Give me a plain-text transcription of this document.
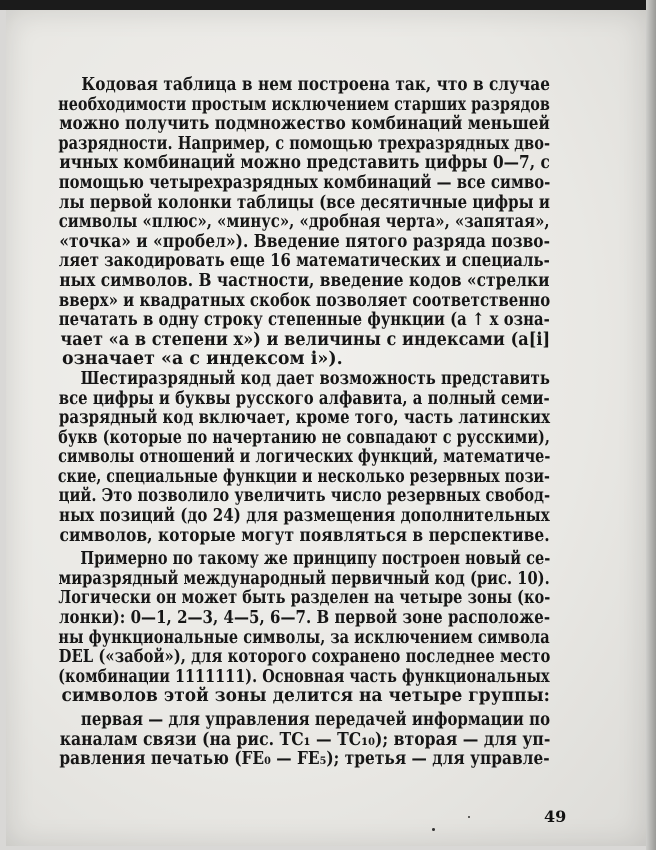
Кодовая таблица в нем построена так, что в случае
необходимости простым исключением старших разрядов
можно получить подмножество комбинаций меньшей
разрядности. Например, с помощью трехразрядных дво-
ичных комбинаций можно представить цифры 0—7, с
помощью четырехразрядных комбинаций — все симво-
лы первой колонки таблицы (все десятичные цифры и
символы «плюс», «минус», «дробная черта», «запятая»,
«точка» и «пробел»). Введение пятого разряда позво-
ляет закодировать еще 16 математических и специаль-
ных символов. В частности, введение кодов «стрелки
вверх» и квадратных скобок позволяет соответственно
печатать в одну строку степенные функции (a ↑ x озна-
чает «a в степени x») и величины с индексами (a[i]
означает «a с индексом i»).

Шестиразрядный код дает возможность представить
все цифры и буквы русского алфавита, а полный семи-
разрядный код включает, кроме того, часть латинских
букв (которые по начертанию не совпадают с русскими),
символы отношений и логических функций, математиче-
ские, специальные функции и несколько резервных пози-
ций. Это позволило увеличить число резервных свобод-
ных позиций (до 24) для размещения дополнительных
символов, которые могут появляться в перспективе.

Примерно по такому же принципу построен новый се-
миразрядный международный первичный код (рис. 10).
Логически он может быть разделен на четыре зоны (ко-
лонки): 0—1, 2—3, 4—5, 6—7. В первой зоне расположе-
ны функциональные символы, за исключением символа
DEL («забой»), для которого сохранено последнее место
(комбинации 1111111). Основная часть функциональных
символов этой зоны делится на четыре группы:

первая — для управления передачей информации по
каналам связи (на рис. TC₁ — TC₁₀); вторая — для уп-
равления печатью (FE₀ — FE₅); третья — для управле-

49
